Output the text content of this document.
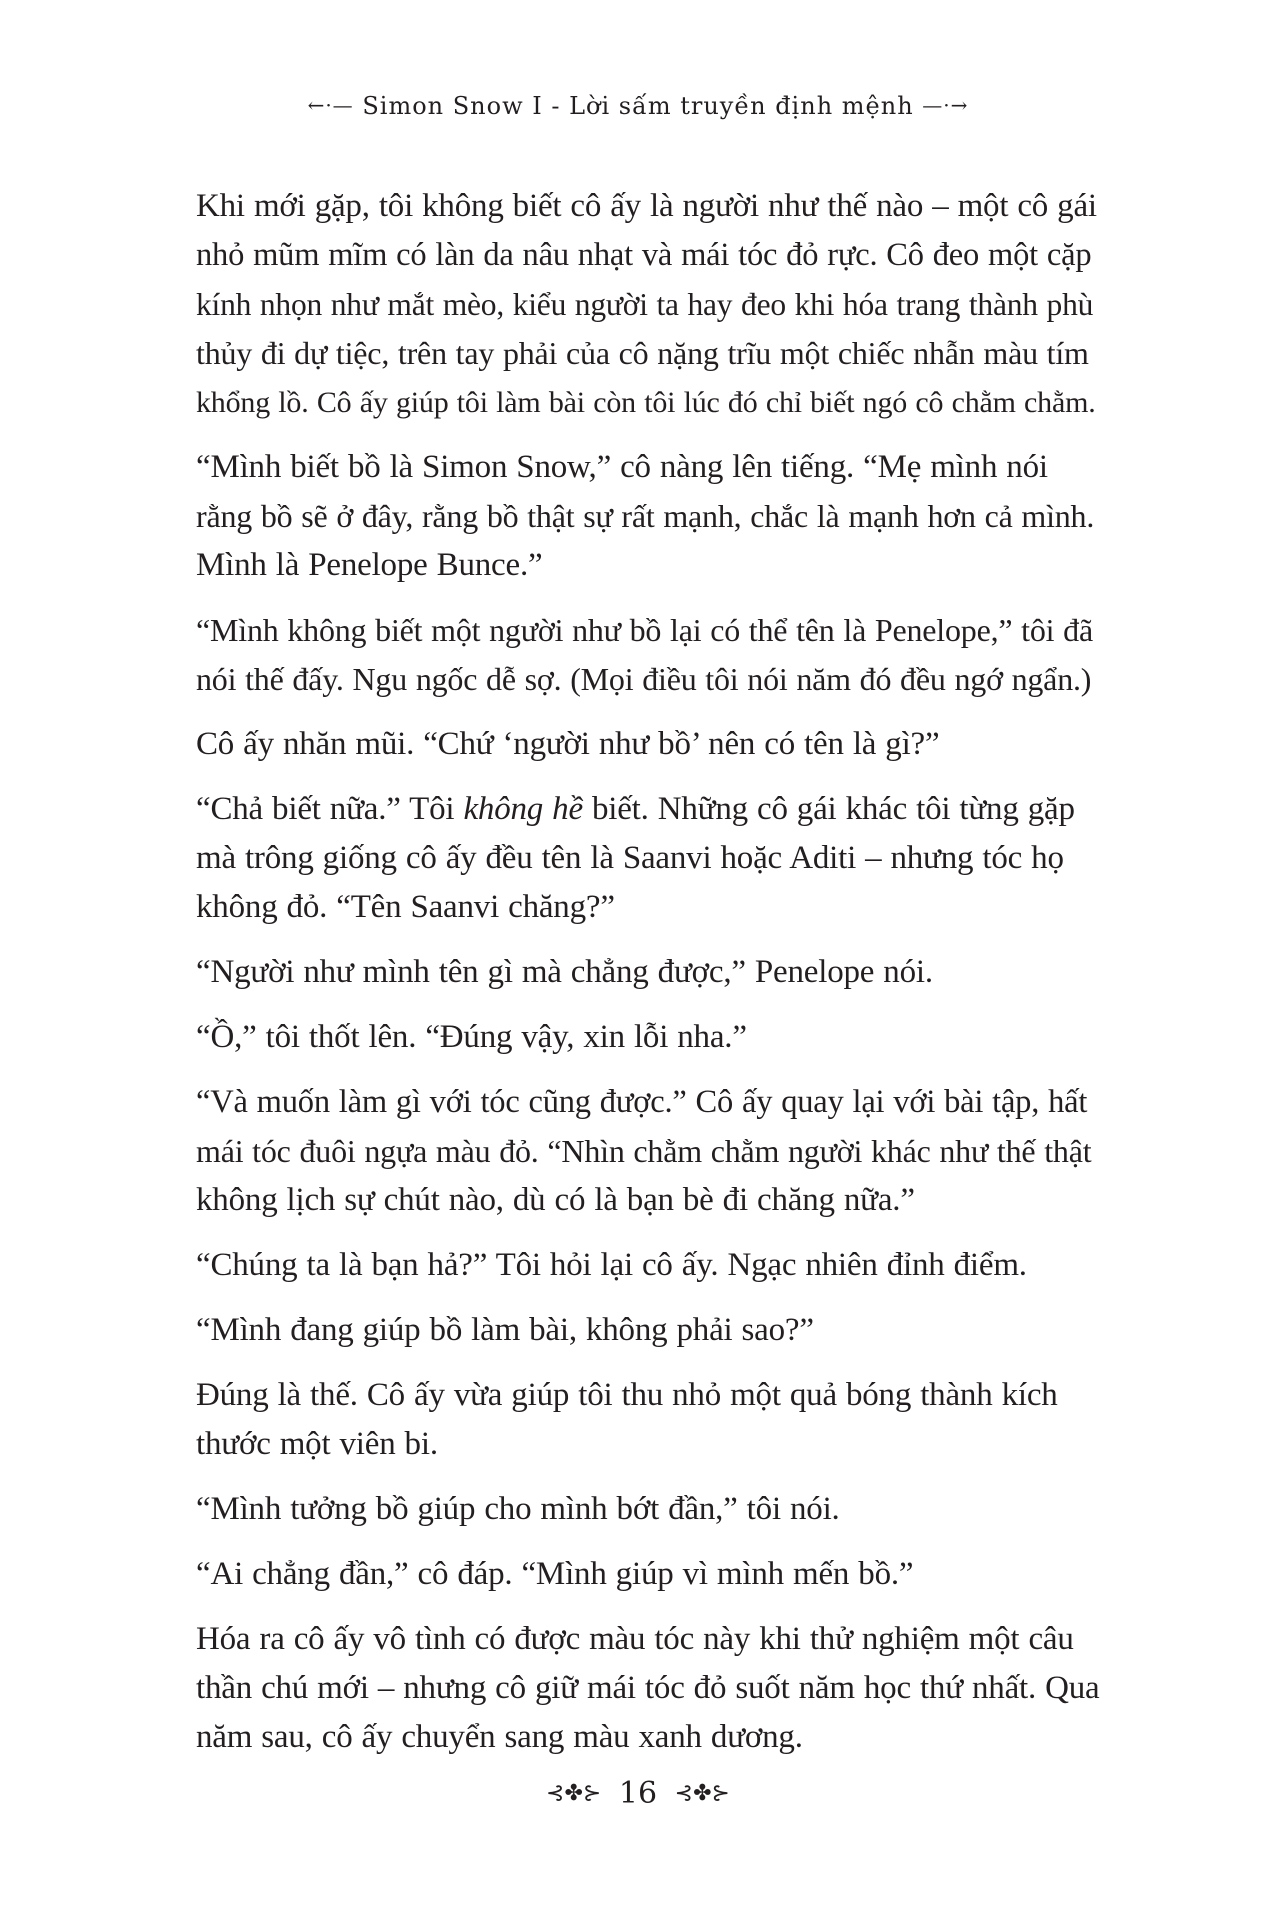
←·— Simon Snow I - Lời sấm truyền định mệnh —·→

Khi mới gặp, tôi không biết cô ấy là người như thế nào – một cô gái
nhỏ mũm mĩm có làn da nâu nhạt và mái tóc đỏ rực. Cô đeo một cặp
kính nhọn như mắt mèo, kiểu người ta hay đeo khi hóa trang thành phù
thủy đi dự tiệc, trên tay phải của cô nặng trĩu một chiếc nhẫn màu tím
khổng lồ. Cô ấy giúp tôi làm bài còn tôi lúc đó chỉ biết ngó cô chằm chằm.

“Mình biết bồ là Simon Snow,” cô nàng lên tiếng. “Mẹ mình nói
rằng bồ sẽ ở đây, rằng bồ thật sự rất mạnh, chắc là mạnh hơn cả mình.
Mình là Penelope Bunce.”

“Mình không biết một người như bồ lại có thể tên là Penelope,” tôi đã
nói thế đấy. Ngu ngốc dễ sợ. (Mọi điều tôi nói năm đó đều ngớ ngẩn.)

Cô ấy nhăn mũi. “Chứ ‘người như bồ’ nên có tên là gì?”

“Chả biết nữa.” Tôi không hề biết. Những cô gái khác tôi từng gặp
mà trông giống cô ấy đều tên là Saanvi hoặc Aditi – nhưng tóc họ
không đỏ. “Tên Saanvi chăng?”

“Người như mình tên gì mà chẳng được,” Penelope nói.

“Ồ,” tôi thốt lên. “Đúng vậy, xin lỗi nha.”

“Và muốn làm gì với tóc cũng được.” Cô ấy quay lại với bài tập, hất
mái tóc đuôi ngựa màu đỏ. “Nhìn chằm chằm người khác như thế thật
không lịch sự chút nào, dù có là bạn bè đi chăng nữa.”

“Chúng ta là bạn hả?” Tôi hỏi lại cô ấy. Ngạc nhiên đỉnh điểm.

“Mình đang giúp bồ làm bài, không phải sao?”

Đúng là thế. Cô ấy vừa giúp tôi thu nhỏ một quả bóng thành kích
thước một viên bi.

“Mình tưởng bồ giúp cho mình bớt đần,” tôi nói.

“Ai chẳng đần,” cô đáp. “Mình giúp vì mình mến bồ.”

Hóa ra cô ấy vô tình có được màu tóc này khi thử nghiệm một câu
thần chú mới – nhưng cô giữ mái tóc đỏ suốt năm học thứ nhất. Qua
năm sau, cô ấy chuyển sang màu xanh dương.

⊰✤⊱ 16 ⊰✤⊱
